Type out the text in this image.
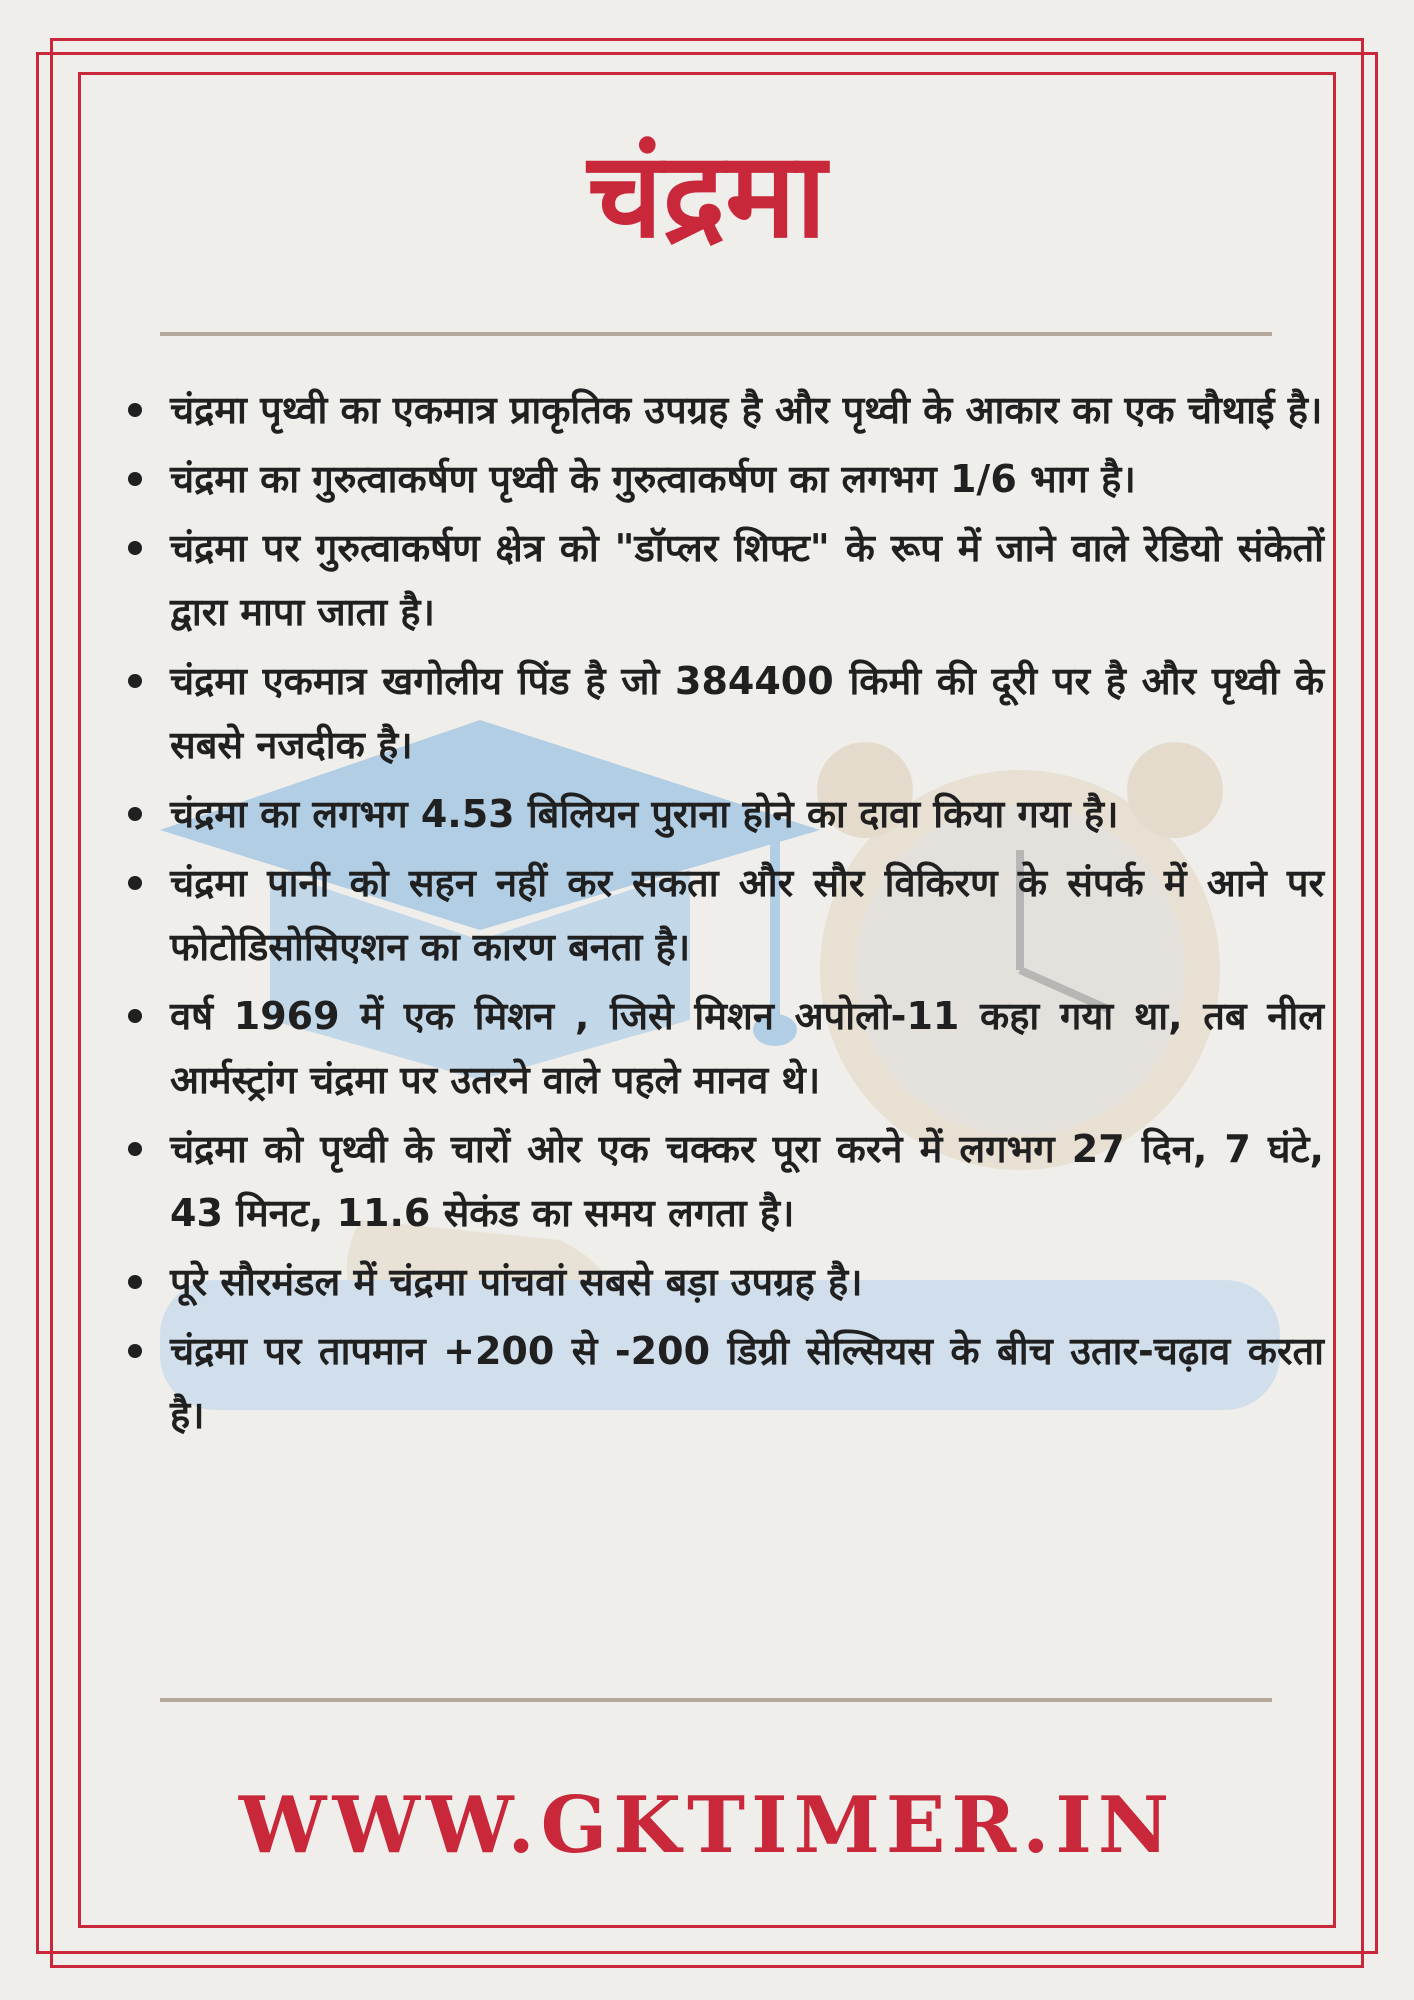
चंद्रमा
चंद्रमा पृथ्वी का एकमात्र प्राकृतिक उपग्रह है और पृथ्वी के आकार का एक चौथाई है।
चंद्रमा का गुरुत्वाकर्षण पृथ्वी के गुरुत्वाकर्षण का लगभग 1/6 भाग है।
चंद्रमा पर गुरुत्वाकर्षण क्षेत्र को "डॉप्लर शिफ्ट" के रूप में जाने वाले रेडियो संकेतों द्वारा मापा जाता है।
चंद्रमा एकमात्र खगोलीय पिंड है जो 384400 किमी की दूरी पर है और पृथ्वी के सबसे नजदीक है।
चंद्रमा का लगभग 4.53 बिलियन पुराना होने का दावा किया गया है।
चंद्रमा पानी को सहन नहीं कर सकता और सौर विकिरण के संपर्क में आने पर फोटोडिसोसिएशन का कारण बनता है।
वर्ष 1969 में एक मिशन , जिसे मिशन अपोलो-11 कहा गया था, तब नील आर्मस्ट्रांग चंद्रमा पर उतरने वाले पहले मानव थे।
चंद्रमा को पृथ्वी के चारों ओर एक चक्कर पूरा करने में लगभग 27 दिन, 7 घंटे, 43 मिनट, 11.6 सेकंड का समय लगता है।
पूरे सौरमंडल में चंद्रमा पांचवां सबसे बड़ा उपग्रह है।
चंद्रमा पर तापमान +200 से -200 डिग्री सेल्सियस के बीच उतार-चढ़ाव करता है।
WWW.GKTIMER.IN
